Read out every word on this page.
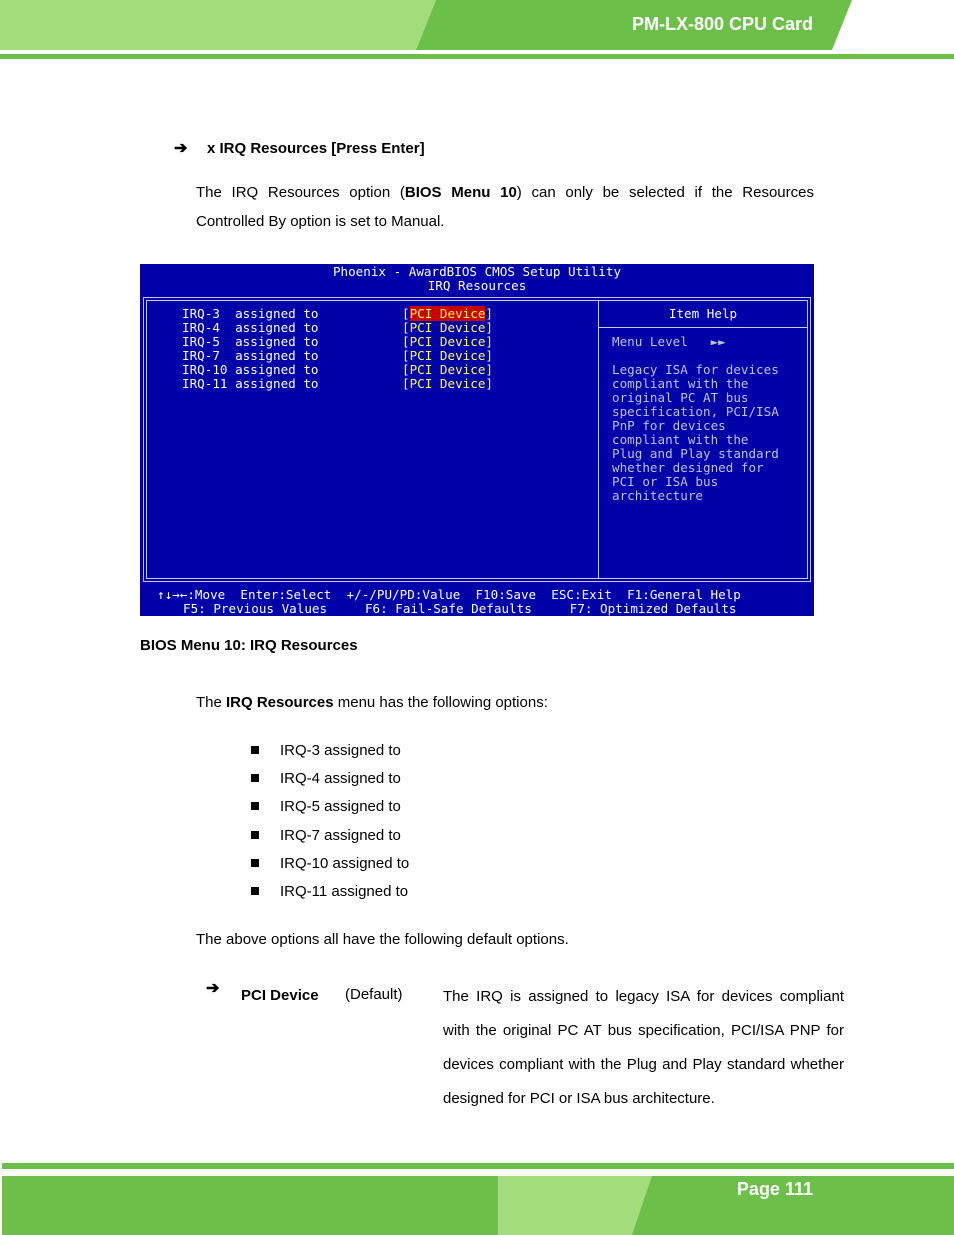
PM-LX-800 CPU Card
➔ x IRQ Resources [Press Enter]
The IRQ Resources option (BIOS Menu 10) can only be selected if the Resources Controlled By option is set to Manual.
Phoenix - AwardBIOS CMOS Setup Utility
IRQ Resources
IRQ-3  assigned to	[PCI Device]
IRQ-4  assigned to	[PCI Device]
IRQ-5  assigned to	[PCI Device]
IRQ-7  assigned to	[PCI Device]
IRQ-10 assigned to	[PCI Device]
IRQ-11 assigned to	[PCI Device]
Item Help
Menu Level   ►►
Legacy ISA for devices
compliant with the
original PC AT bus
specification, PCI/ISA
PnP for devices
compliant with the
Plug and Play standard
whether designed for
PCI or ISA bus
architecture
↑↓→←:Move  Enter:Select  +/-/PU/PD:Value  F10:Save  ESC:Exit  F1:General Help
F5: Previous Values     F6: Fail-Safe Defaults     F7: Optimized Defaults
BIOS Menu 10: IRQ Resources
The IRQ Resources menu has the following options:
IRQ-3 assigned to
IRQ-4 assigned to
IRQ-5 assigned to
IRQ-7 assigned to
IRQ-10 assigned to
IRQ-11 assigned to
The above options all have the following default options.
➔ PCI Device (Default)	The IRQ is assigned to legacy ISA for devices compliant with the original PC AT bus specification, PCI/ISA PNP for devices compliant with the Plug and Play standard whether designed for PCI or ISA bus architecture.
Page 111
